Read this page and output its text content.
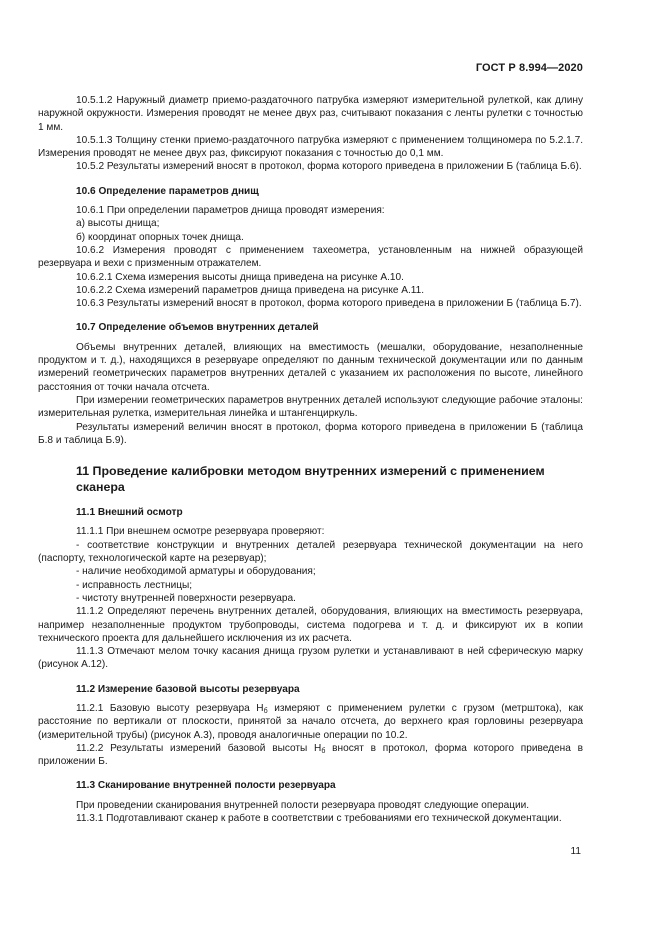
ГОСТ Р 8.994—2020

10.5.1.2 Наружный диаметр приемо-раздаточного патрубка измеряют измерительной рулеткой, как длину наружной окружности. Измерения проводят не менее двух раз, считывают показания с ленты рулетки с точностью 1 мм.

10.5.1.3 Толщину стенки приемо-раздаточного патрубка измеряют с применением толщиномера по 5.2.1.7. Измерения проводят не менее двух раз, фиксируют показания с точностью до 0,1 мм.

10.5.2 Результаты измерений вносят в протокол, форма которого приведена в приложении Б (таблица Б.6).

10.6 Определение параметров днищ

10.6.1 При определении параметров днища проводят измерения:

а) высоты днища;

б) координат опорных точек днища.

10.6.2 Измерения проводят с применением тахеометра, установленным на нижней образующей резервуара и вехи с призменным отражателем.

10.6.2.1 Схема измерения высоты днища приведена на рисунке А.10.

10.6.2.2 Схема измерений параметров днища приведена на рисунке А.11.

10.6.3 Результаты измерений вносят в протокол, форма которого приведена в приложении Б (таблица Б.7).

10.7 Определение объемов внутренних деталей

Объемы внутренних деталей, влияющих на вместимость (мешалки, оборудование, незаполненные продуктом и т. д.), находящихся в резервуаре определяют по данным технической документации или по данным измерений геометрических параметров внутренних деталей с указанием их расположения по высоте, линейного расстояния от точки начала отсчета.

При измерении геометрических параметров внутренних деталей используют следующие рабочие эталоны: измерительная рулетка, измерительная линейка и штангенциркуль.

Результаты измерений величин вносят в протокол, форма которого приведена в приложении Б (таблица Б.8 и таблица Б.9).

11 Проведение калибровки методом внутренних измерений с применением сканера
11.1 Внешний осмотр

11.1.1 При внешнем осмотре резервуара проверяют:

- соответствие конструкции и внутренних деталей резервуара технической документации на него (паспорту, технологической карте на резервуар);

- наличие необходимой арматуры и оборудования;

- исправность лестницы;

- чистоту внутренней поверхности резервуара.

11.1.2 Определяют перечень внутренних деталей, оборудования, влияющих на вместимость резервуара, например незаполненные продуктом трубопроводы, система подогрева и т. д. и фиксируют их в копии технического проекта для дальнейшего исключения из их расчета.

11.1.3 Отмечают мелом точку касания днища грузом рулетки и устанавливают в ней сферическую марку (рисунок А.12).

11.2 Измерение базовой высоты резервуара

11.2.1 Базовую высоту резервуара $H_б$ измеряют с применением рулетки с грузом (метрштока), как расстояние по вертикали от плоскости, принятой за начало отсчета, до верхнего края горловины резервуара (измерительной трубы) (рисунок А.3), проводя аналогичные операции по 10.2.

11.2.2 Результаты измерений базовой высоты $H_б$ вносят в протокол, форма которого приведена в приложении Б.

11.3 Сканирование внутренней полости резервуара

При проведении сканирования внутренней полости резервуара проводят следующие операции.

11.3.1 Подготавливают сканер к работе в соответствии с требованиями его технической документации.

11
